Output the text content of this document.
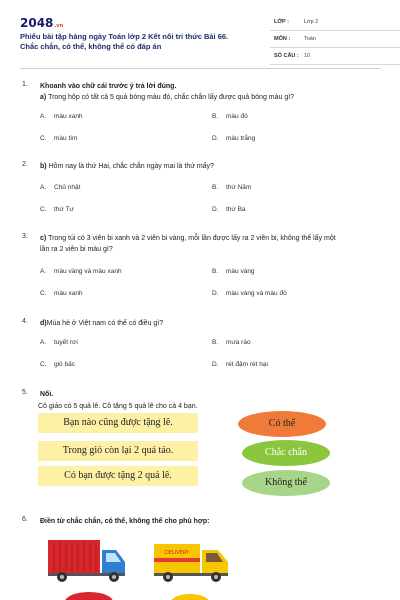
2048.vn
Phiếu bài tập hàng ngày Toán lớp 2 Kết nối tri thức Bài 66.
Chắc chắn, có thể, không thể có đáp án
LỚP :	Lớp 2
MÔN :	Toán
SỐ CÂU : 10
1. Khoanh vào chữ cái trước ý trả lời đúng.
a) Trong hộp có tất cả 5 quả bóng màu đỏ, chắc chắn lấy được quả bóng màu gì?
A. màu xanh	B. màu đỏ
C. màu tím	D. màu trắng
2. b) Hôm nay là thứ Hai, chắc chắn ngày mai là thứ mấy?
A. Chủ nhật	B. thứ Năm
C. thứ Tư	D. thứ Ba
3. c) Trong túi có 3 viên bi xanh và 2 viên bi vàng, mỗi lần được lấy ra 2 viên bi, không thể lấy một
lần ra 2 viên bi màu gì?
A. màu vàng và màu xanh	B. màu vàng
C. màu xanh	D. màu vàng và màu đỏ
4. d)Mùa hè ở Việt nam có thể có điều gì?
A. tuyết rơi	B. mưa rào
C. gió bấc	D. rét đậm rét hại
5. Nối.
Cô giáo có 5 quả lê. Cô tặng 5 quả lê cho cả 4 bạn.
Bạn nào cũng được tặng lê.
Trong giỏ còn lại 2 quả táo.
Có bạn được tặng 2 quả lê.
Có thể
Chắc chắn
Không thể
6. Điền từ chắc chắn, có thể, không thể cho phù hợp:
DELIVERY
